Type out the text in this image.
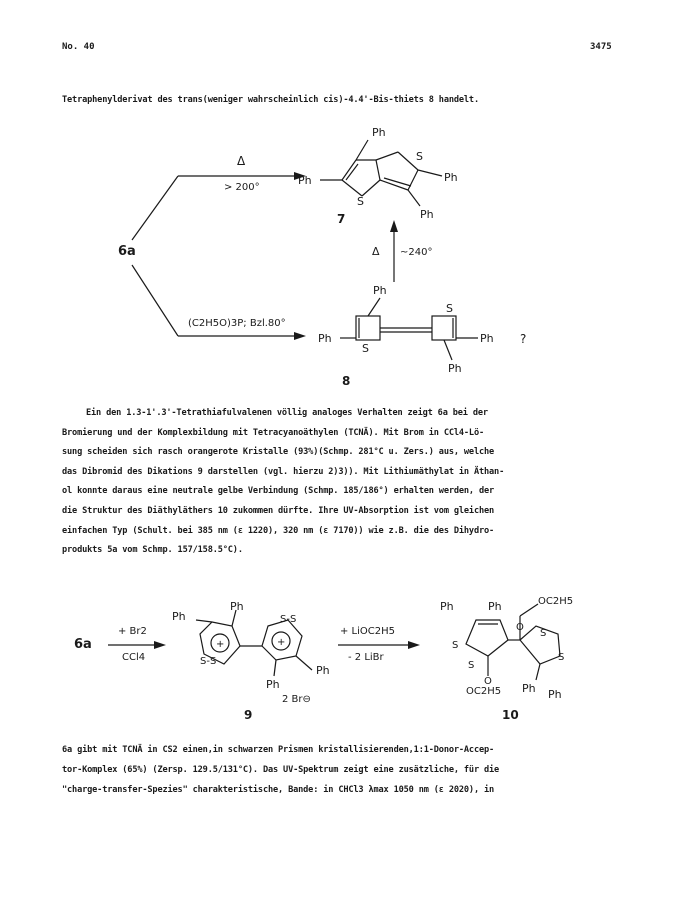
No. 40	3475
Tetraphenylderivat des trans(weniger wahrscheinlich cis)-4.4'-Bis-thiets 8 handelt.
Ph
Ph	Ph
Ph
S
S
Ph
Ph	Ph
Ph
S
S
6a
Δ
> 200°
(C2H5O)3P; Bzl.80°
Δ ~240°
7
8
?
Ein den 1.3-1'.3'-Tetrathiafulvalenen völlig analoges Verhalten zeigt 6a bei der
Bromierung und der Komplexbildung mit Tetracyanoäthylen (TCNÄ). Mit Brom in CCl4-Lö-
sung scheiden sich rasch orangerote Kristalle (93%)(Schmp. 281°C u. Zers.) aus, welche
das Dibromid des Dikations 9 darstellen (vgl. hierzu 2)3)). Mit Lithiumäthylat in Äthan-
ol konnte daraus eine neutrale gelbe Verbindung (Schmp. 185/186°) erhalten werden, der
die Struktur des Diäthyläthers 10 zukommen dürfte. Ihre UV-Absorption ist vom gleichen
einfachen Typ (Schult. bei 385 nm (ε 1220), 320 nm (ε 7170)) wie z.B. die des Dihydro-
produkts 5a vom Schmp. 157/158.5°C).
Ph
Ph
Ph
Ph
+	+
S-S
S-S
Ph	Ph
Ph Ph
S
S
S
S
O
O
6a
+ Br2
CCl4
+ LiOC2H5
- 2 LiBr
2 Br⊖
9	10
OC2H5
OC2H5
6a gibt mit TCNÄ in CS2 einen,in schwarzen Prismen kristallisierenden,1:1-Donor-Accep-
tor-Komplex (65%) (Zersp. 129.5/131°C). Das UV-Spektrum zeigt eine zusätzliche, für die
"charge-transfer-Spezies" charakteristische, Bande: in CHCl3 λmax 1050 nm (ε 2020), in
